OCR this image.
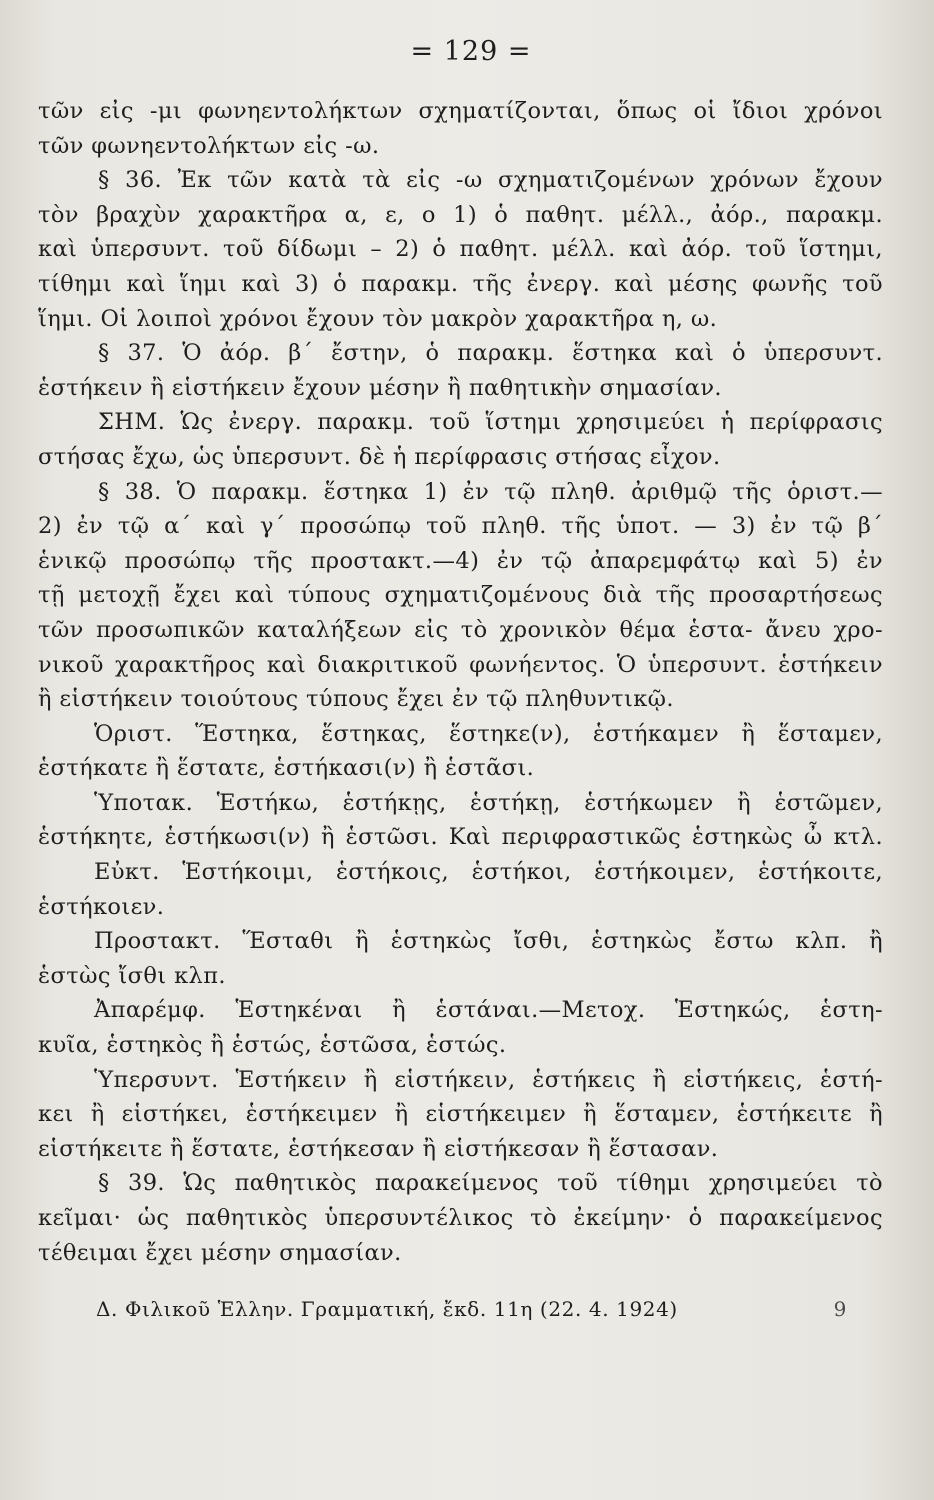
= 129 =
τῶν εἰς -μι φωνηεντολήκτων σχηματίζονται, ὅπως οἱ ἴδιοι χρόνοι
τῶν φωνηεντολήκτων εἰς -ω.
§ 36. Ἐκ τῶν κατὰ τὰ εἰς -ω σχηματιζομένων χρόνων ἔχουν
τὸν βραχὺν χαρακτῆρα α, ε, ο 1) ὁ παθητ. μέλλ., ἀόρ., παρακμ.
καὶ ὑπερσυντ. τοῦ δίδωμι – 2) ὁ παθητ. μέλλ. καὶ ἀόρ. τοῦ ἵστημι,
τίθημι καὶ ἵημι καὶ 3) ὁ παρακμ. τῆς ἐνεργ. καὶ μέσης φωνῆς τοῦ
ἵημι. Οἱ λοιποὶ χρόνοι ἔχουν τὸν μακρὸν χαρακτῆρα η, ω.
§ 37. Ὁ ἀόρ. β΄ ἔστην, ὁ παρακμ. ἕστηκα καὶ ὁ ὑπερσυντ.
ἑστήκειν ἢ εἱστήκειν ἔχουν μέσην ἢ παθητικὴν σημασίαν.
ΣΗΜ. Ὡς ἐνεργ. παρακμ. τοῦ ἵστημι χρησιμεύει ἡ περίφρασις
στήσας ἔχω, ὡς ὑπερσυντ. δὲ ἡ περίφρασις στήσας εἶχον.
§ 38. Ὁ παρακμ. ἕστηκα 1) ἐν τῷ πληθ. ἀριθμῷ τῆς ὁριστ.—
2) ἐν τῷ α΄ καὶ γ΄ προσώπῳ τοῦ πληθ. τῆς ὑποτ. — 3) ἐν τῷ β΄
ἑνικῷ προσώπῳ τῆς προστακτ.—4) ἐν τῷ ἀπαρεμφάτῳ καὶ 5) ἐν
τῇ μετοχῇ ἔχει καὶ τύπους σχηματιζομένους διὰ τῆς προσαρτήσεως
τῶν προσωπικῶν καταλήξεων εἰς τὸ χρονικὸν θέμα ἑστα- ἄνευ χρο-
νικοῦ χαρακτῆρος καὶ διακριτικοῦ φωνήεντος. Ὁ ὑπερσυντ. ἑστήκειν
ἢ εἱστήκειν τοιούτους τύπους ἔχει ἐν τῷ πληθυντικῷ.
Ὁριστ. Ἕστηκα, ἕστηκας, ἕστηκε(ν), ἑστήκαμεν ἢ ἕσταμεν,
ἑστήκατε ἢ ἕστατε, ἑστήκασι(ν) ἢ ἑστᾶσι.
Ὑποτακ. Ἑστήκω, ἑστήκῃς, ἑστήκῃ, ἑστήκωμεν ἢ ἑστῶμεν,
ἑστήκητε, ἑστήκωσι(ν) ἢ ἑστῶσι. Καὶ περιφραστικῶς ἑστηκὼς ὦ κτλ.
Εὐκτ. Ἑστήκοιμι, ἑστήκοις, ἑστήκοι, ἑστήκοιμεν, ἑστήκοιτε,
ἑστήκοιεν.
Προστακτ. Ἕσταθι ἢ ἑστηκὼς ἴσθι, ἑστηκὼς ἔστω κλπ. ἢ
ἑστὼς ἴσθι κλπ.
Ἀπαρέμφ. Ἑστηκέναι ἢ ἑστάναι.—Μετοχ. Ἑστηκώς, ἑστη-
κυῖα, ἑστηκὸς ἢ ἑστώς, ἑστῶσα, ἑστώς.
Ὑπερσυντ. Ἑστήκειν ἢ εἱστήκειν, ἑστήκεις ἢ εἱστήκεις, ἑστή-
κει ἢ εἱστήκει, ἑστήκειμεν ἢ εἱστήκειμεν ἢ ἕσταμεν, ἑστήκειτε ἢ
εἱστήκειτε ἢ ἕστατε, ἑστήκεσαν ἢ εἱστήκεσαν ἢ ἕστασαν.
§ 39. Ὡς παθητικὸς παρακείμενος τοῦ τίθημι χρησιμεύει τὸ
κεῖμαι· ὡς παθητικὸς ὑπερσυντέλικος τὸ ἐκείμην· ὁ παρακείμενος
τέθειμαι ἔχει μέσην σημασίαν.
Δ. Φιλικοῦ Ἑλλην. Γραμματική, ἔκδ. 11η (22. 4. 1924)	9
